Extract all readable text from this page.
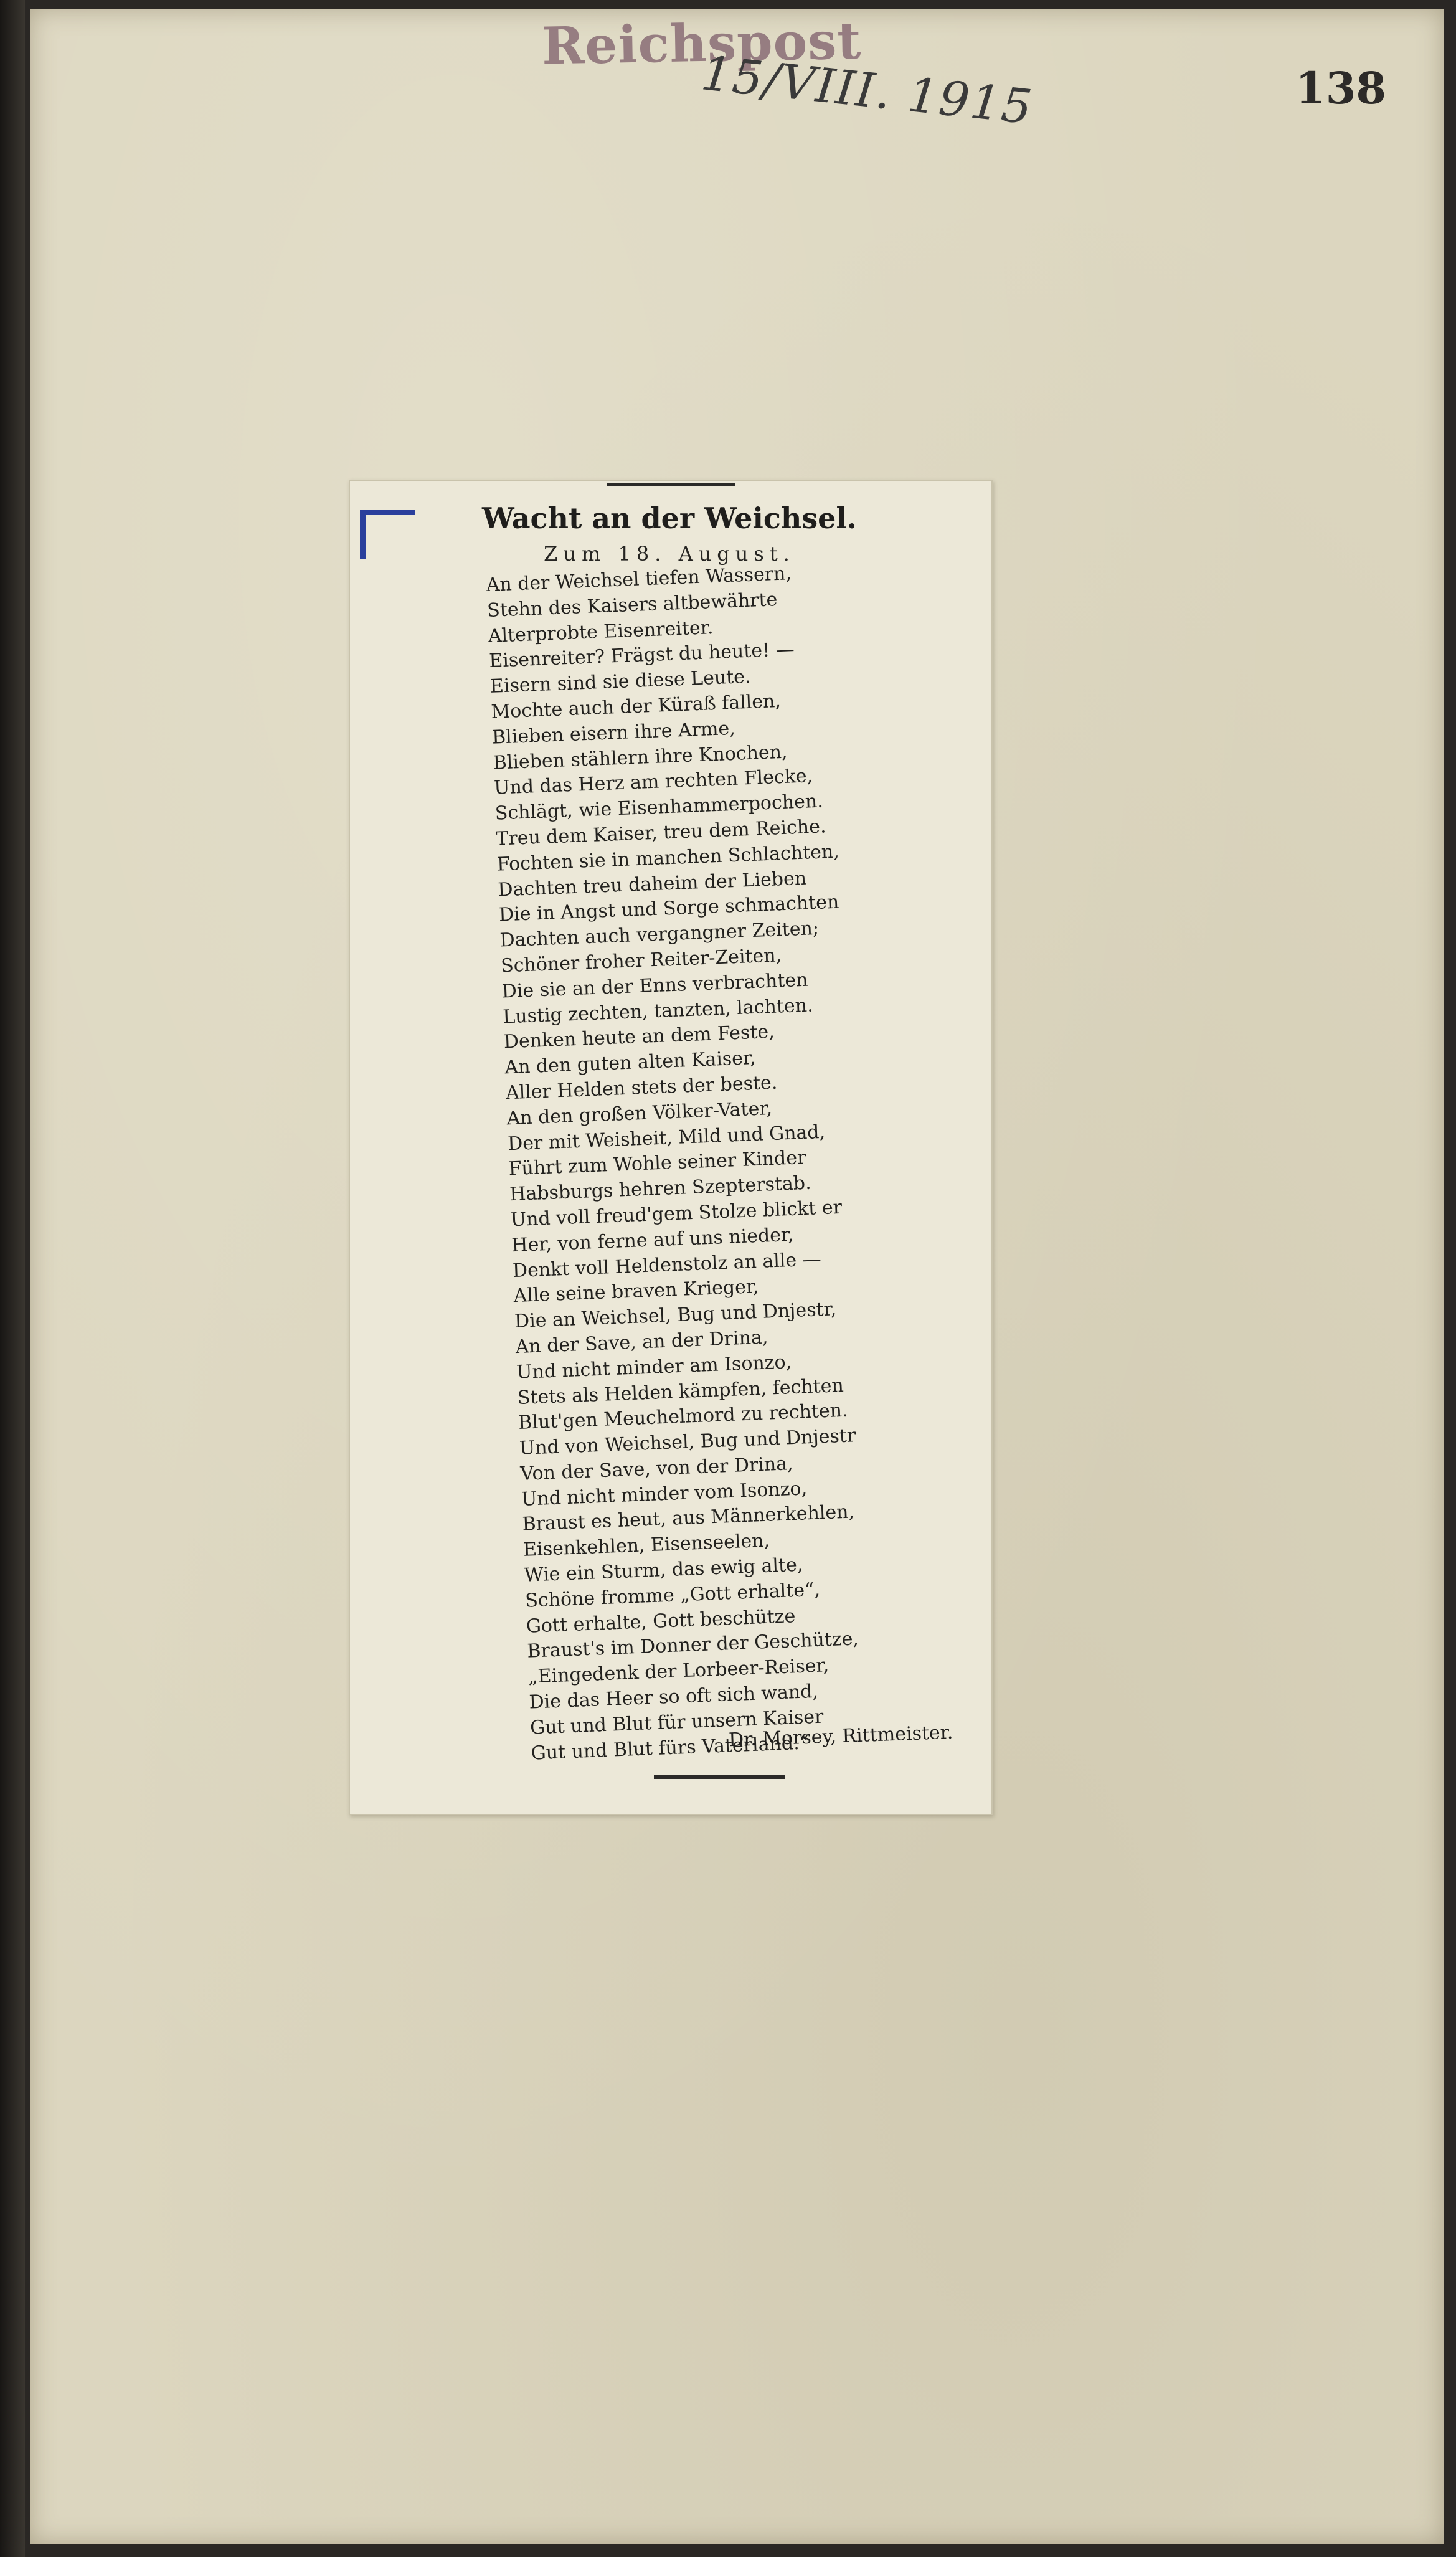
Reichspost
15/VIII. 1915	138
Wacht an der Weichsel.
Zum 18. August.
An der Weichsel tiefen Wassern,
Stehn des Kaisers altbewährte
Alterprobte Eisenreiter.
Eisenreiter? Frägst du heute! —
Eisern sind sie diese Leute.
Mochte auch der Küraß fallen,
Blieben eisern ihre Arme,
Blieben stählern ihre Knochen,
Und das Herz am rechten Flecke,
Schlägt, wie Eisenhammerpochen.
Treu dem Kaiser, treu dem Reiche.
Fochten sie in manchen Schlachten,
Dachten treu daheim der Lieben
Die in Angst und Sorge schmachten
Dachten auch vergangner Zeiten;
Schöner froher Reiter-Zeiten,
Die sie an der Enns verbrachten
Lustig zechten, tanzten, lachten.
Denken heute an dem Feste,
An den guten alten Kaiser,
Aller Helden stets der beste.
An den großen Völker-Vater,
Der mit Weisheit, Mild und Gnad,
Führt zum Wohle seiner Kinder
Habsburgs hehren Szepterstab.
Und voll freud'gem Stolze blickt er
Her, von ferne auf uns nieder,
Denkt voll Heldenstolz an alle —
Alle seine braven Krieger,
Die an Weichsel, Bug und Dnjestr,
An der Save, an der Drina,
Und nicht minder am Isonzo,
Stets als Helden kämpfen, fechten
Blut'gen Meuchelmord zu rechten.
Und von Weichsel, Bug und Dnjestr
Von der Save, von der Drina,
Und nicht minder vom Isonzo,
Braust es heut, aus Männerkehlen,
Eisenkehlen, Eisenseelen,
Wie ein Sturm, das ewig alte,
Schöne fromme „Gott erhalte“,
Gott erhalte, Gott beschütze
Braust's im Donner der Geschütze,
„Eingedenk der Lorbeer-Reiser,
Die das Heer so oft sich wand,
Gut und Blut für unsern Kaiser
Gut und Blut fürs Vaterland.“
Dr. Morsey, Rittmeister.
